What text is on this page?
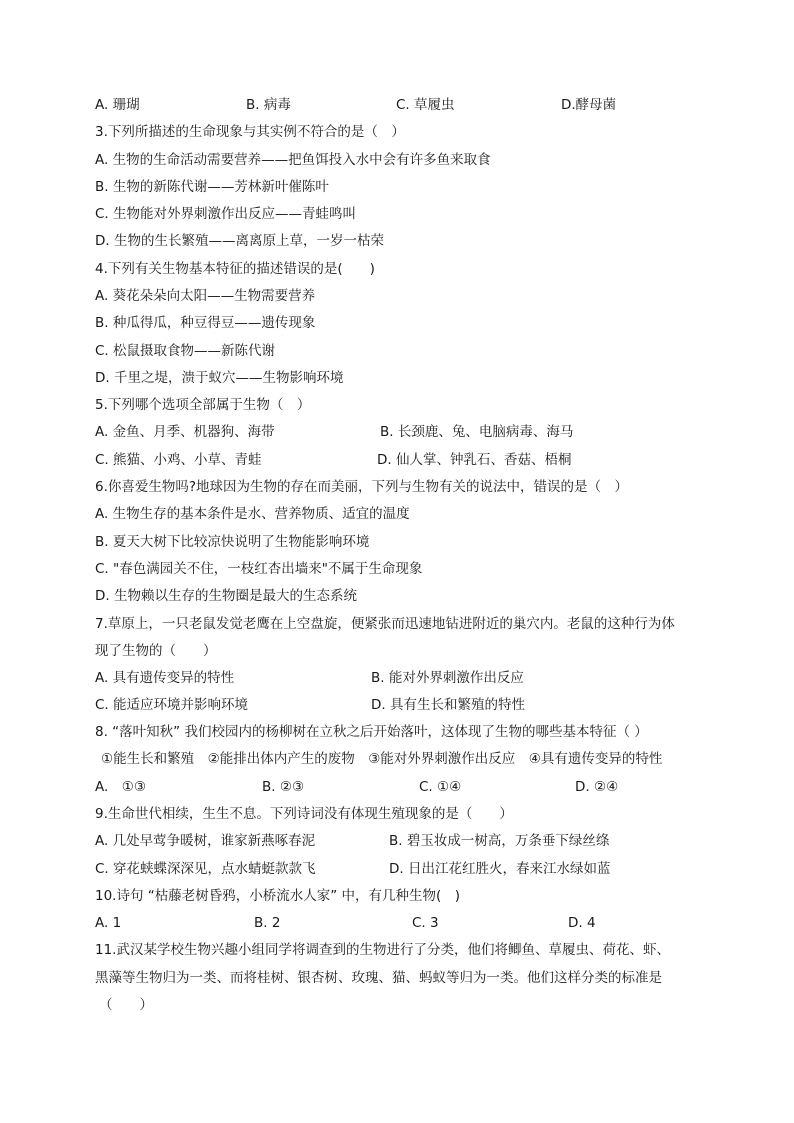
A. 珊瑚	B. 病毒	C. 草履虫	D.酵母菌
3.下列所描述的生命现象与其实例不符合的是（　）
A. 生物的生命活动需要营养——把鱼饵投入水中会有许多鱼来取食
B. 生物的新陈代谢——芳林新叶催陈叶
C. 生物能对外界刺激作出反应——青蛙鸣叫
D. 生物的生长繁殖——离离原上草，一岁一枯荣
4.下列有关生物基本特征的描述错误的是(　　)
A. 葵花朵朵向太阳——生物需要营养
B. 种瓜得瓜，种豆得豆——遗传现象
C. 松鼠摄取食物——新陈代谢
D. 千里之堤，溃于蚁穴——生物影响环境
5.下列哪个选项全部属于生物（　）
A. 金鱼、月季、机器狗、海带	B. 长颈鹿、兔、电脑病毒、海马
C. 熊猫、小鸡、小草、青蛙	D. 仙人掌、钟乳石、香菇、梧桐
6.你喜爱生物吗?地球因为生物的存在而美丽，下列与生物有关的说法中，错误的是（　）
A. 生物生存的基本条件是水、营养物质、适宜的温度
B. 夏天大树下比较凉快说明了生物能影响环境
C. "春色满园关不住，一枝红杏出墙来"不属于生命现象
D. 生物赖以生存的生物圈是最大的生态系统
7.草原上，一只老鼠发觉老鹰在上空盘旋，便紧张而迅速地钻进附近的巢穴内。老鼠的这种行为体
现了生物的（　　）
A. 具有遗传变异的特性	B. 能对外界刺激作出反应
C. 能适应环境并影响环境	D. 具有生长和繁殖的特性
8. “落叶知秋” 我们校园内的杨柳树在立秋之后开始落叶，这体现了生物的哪些基本特征（ ）
①能生长和繁殖　②能排出体内产生的废物　③能对外界刺激作出反应　④具有遗传变异的特性
A.　①③	B. ②③	C. ①④	D. ②④
9.生命世代相续，生生不息。下列诗词没有体现生殖现象的是（　　）
A. 几处早莺争暖树，谁家新燕啄春泥	B. 碧玉妆成一树高，万条垂下绿丝绦
C. 穿花蛱蝶深深见，点水蜻蜓款款飞	D. 日出江花红胜火，春来江水绿如蓝
10.诗句 “枯藤老树昏鸦，小桥流水人家” 中，有几种生物(　)
A. 1	B. 2	C. 3	D. 4
11.武汉某学校生物兴趣小组同学将调查到的生物进行了分类，他们将鲫鱼、草履虫、荷花、虾、
黑藻等生物归为一类、而将桂树、银杏树、玫瑰、猫、蚂蚁等归为一类。他们这样分类的标准是
（　　）
